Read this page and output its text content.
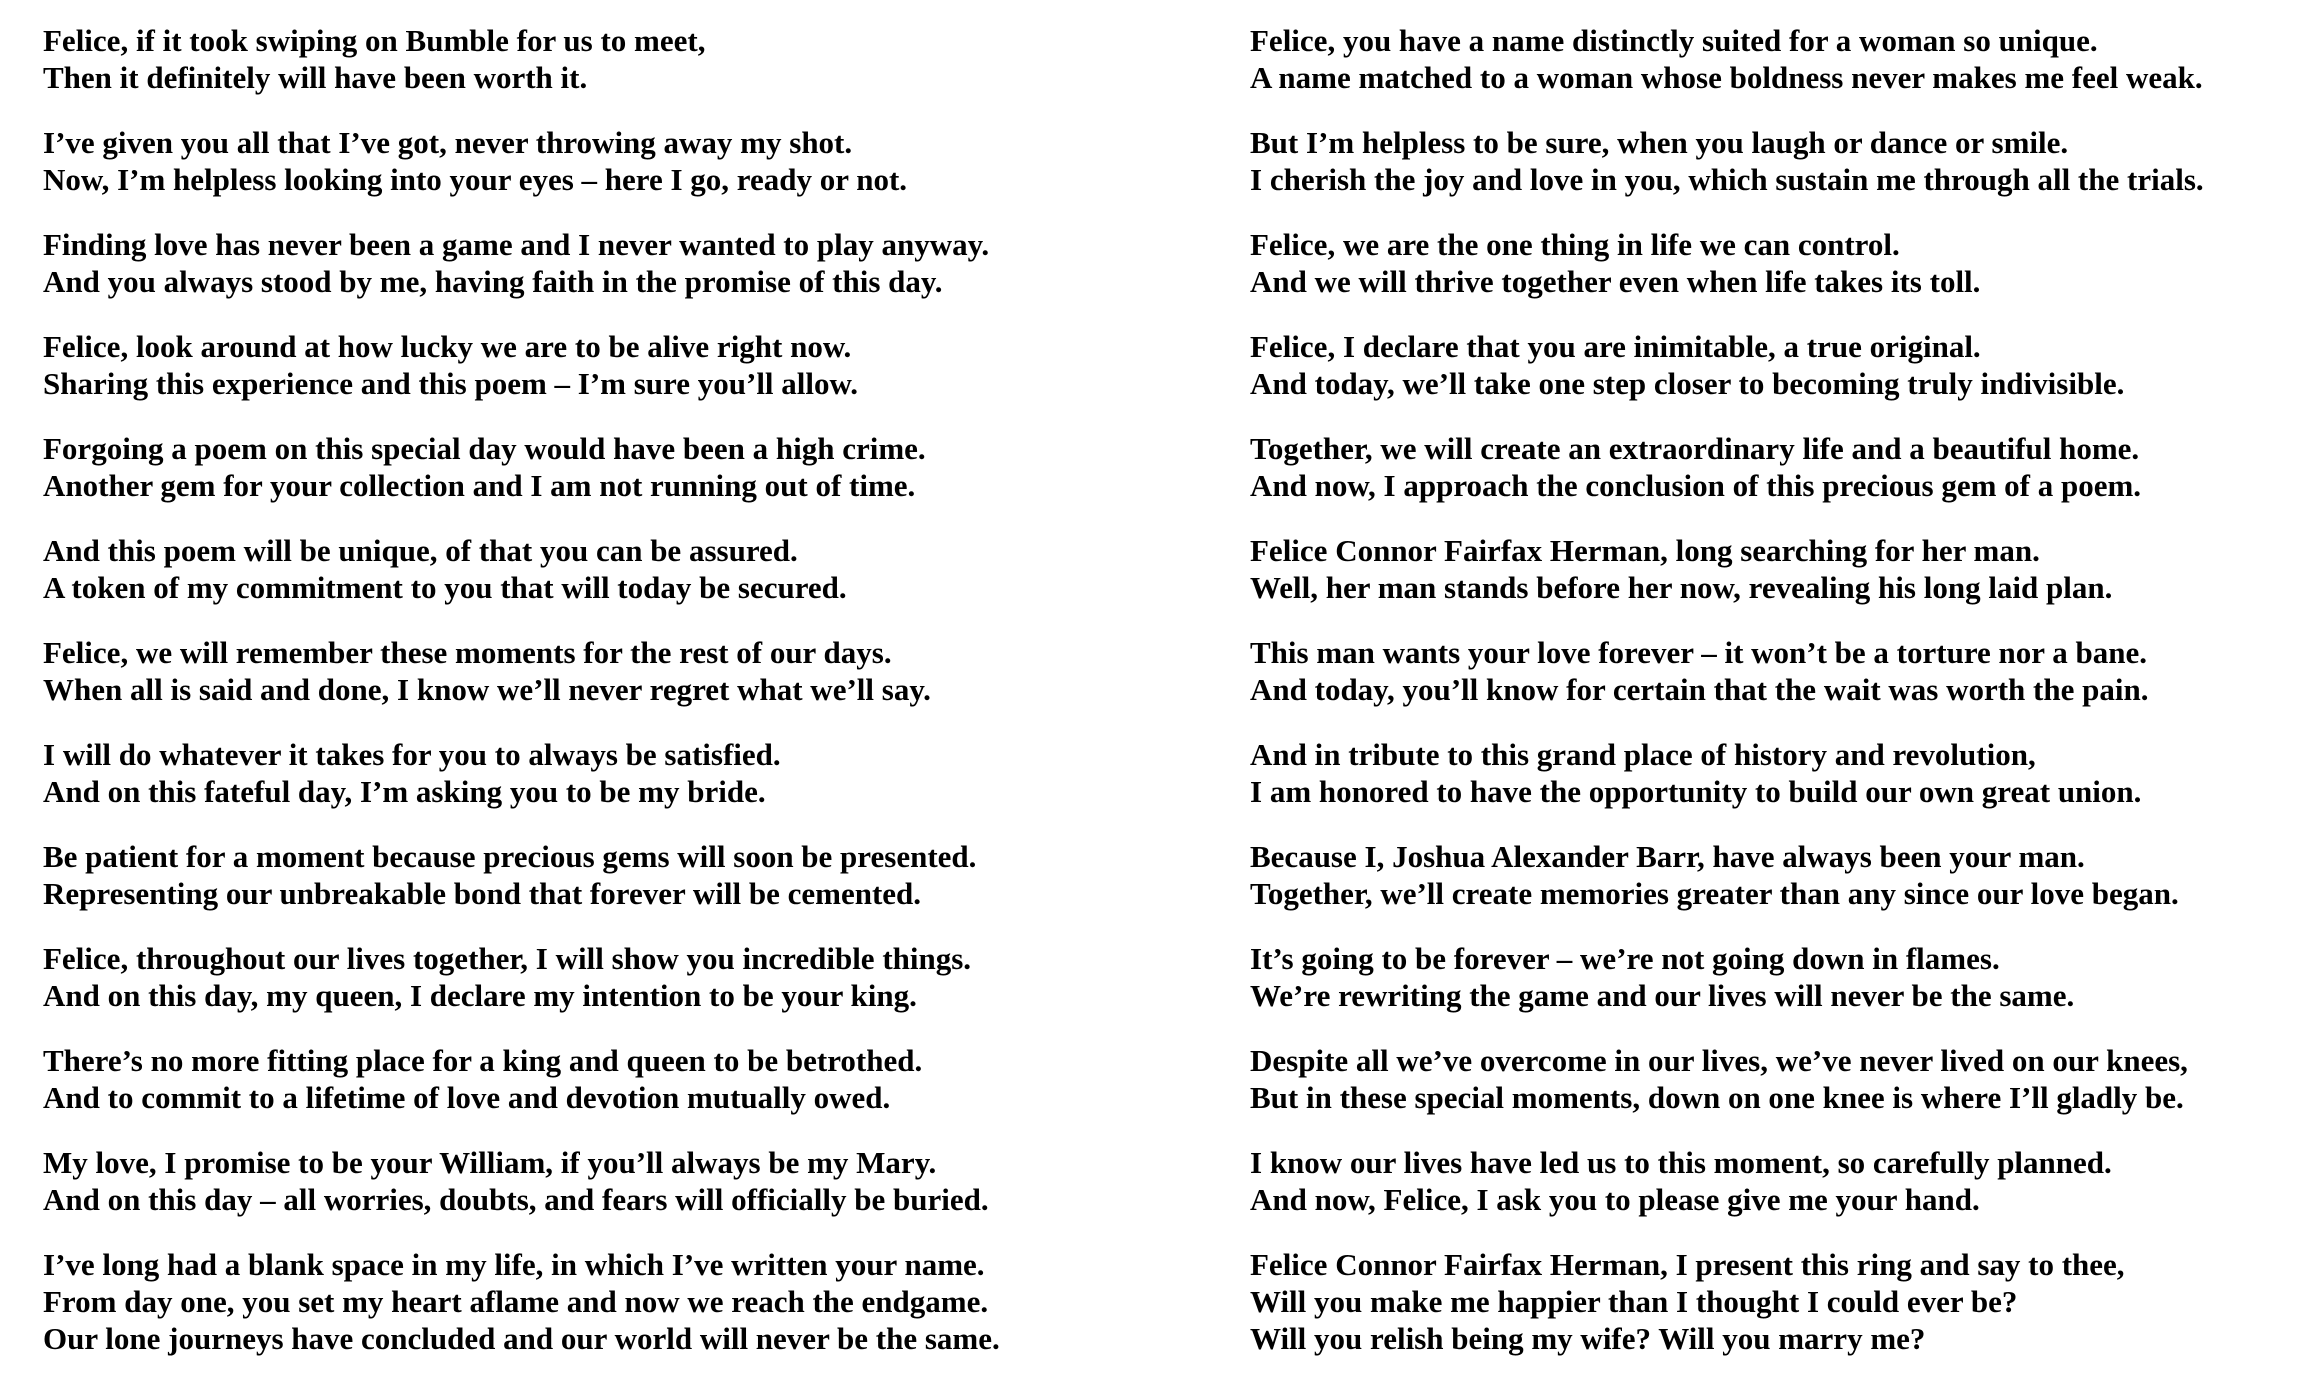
Felice, if it took swiping on Bumble for us to meet,
Then it definitely will have been worth it.
I’ve given you all that I’ve got, never throwing away my shot.
Now, I’m helpless looking into your eyes – here I go, ready or not.
Finding love has never been a game and I never wanted to play anyway.
And you always stood by me, having faith in the promise of this day.
Felice, look around at how lucky we are to be alive right now.
Sharing this experience and this poem – I’m sure you’ll allow.
Forgoing a poem on this special day would have been a high crime.
Another gem for your collection and I am not running out of time.
And this poem will be unique, of that you can be assured.
A token of my commitment to you that will today be secured.
Felice, we will remember these moments for the rest of our days.
When all is said and done, I know we’ll never regret what we’ll say.
I will do whatever it takes for you to always be satisfied.
And on this fateful day, I’m asking you to be my bride.
Be patient for a moment because precious gems will soon be presented.
Representing our unbreakable bond that forever will be cemented.
Felice, throughout our lives together, I will show you incredible things.
And on this day, my queen, I declare my intention to be your king.
There’s no more fitting place for a king and queen to be betrothed.
And to commit to a lifetime of love and devotion mutually owed.
My love, I promise to be your William, if you’ll always be my Mary.
And on this day – all worries, doubts, and fears will officially be buried.
I’ve long had a blank space in my life, in which I’ve written your name.
From day one, you set my heart aflame and now we reach the endgame.
Our lone journeys have concluded and our world will never be the same.
Felice, you have a name distinctly suited for a woman so unique.
A name matched to a woman whose boldness never makes me feel weak.
But I’m helpless to be sure, when you laugh or dance or smile.
I cherish the joy and love in you, which sustain me through all the trials.
Felice, we are the one thing in life we can control.
And we will thrive together even when life takes its toll.
Felice, I declare that you are inimitable, a true original.
And today, we’ll take one step closer to becoming truly indivisible.
Together, we will create an extraordinary life and a beautiful home.
And now, I approach the conclusion of this precious gem of a poem.
Felice Connor Fairfax Herman, long searching for her man.
Well, her man stands before her now, revealing his long laid plan.
This man wants your love forever – it won’t be a torture nor a bane.
And today, you’ll know for certain that the wait was worth the pain.
And in tribute to this grand place of history and revolution,
I am honored to have the opportunity to build our own great union.
Because I, Joshua Alexander Barr, have always been your man.
Together, we’ll create memories greater than any since our love began.
It’s going to be forever – we’re not going down in flames.
We’re rewriting the game and our lives will never be the same.
Despite all we’ve overcome in our lives, we’ve never lived on our knees,
But in these special moments, down on one knee is where I’ll gladly be.
I know our lives have led us to this moment, so carefully planned.
And now, Felice, I ask you to please give me your hand.
Felice Connor Fairfax Herman, I present this ring and say to thee,
Will you make me happier than I thought I could ever be?
Will you relish being my wife? Will you marry me?
